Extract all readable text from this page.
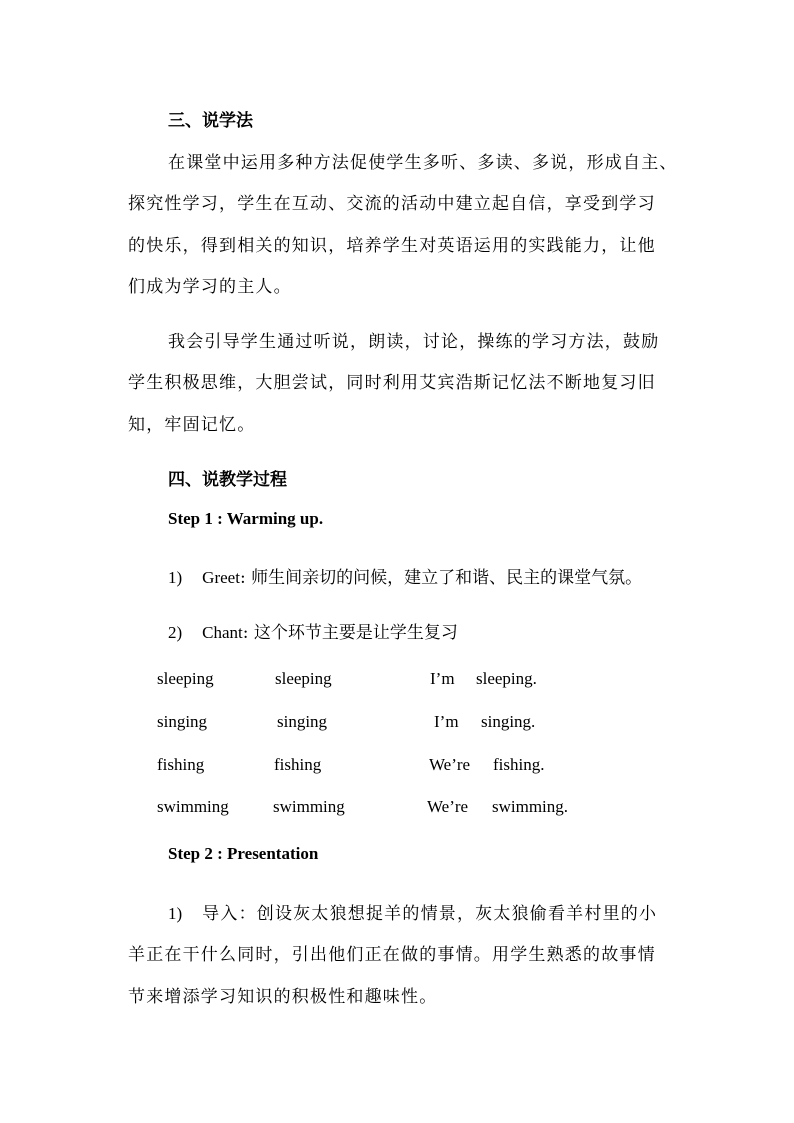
三、说学法
在课堂中运用多种方法促使学生多听、多读、多说，形成自主、
探究性学习，学生在互动、交流的活动中建立起自信，享受到学习
的快乐，得到相关的知识，培养学生对英语运用的实践能力，让他
们成为学习的主人。
我会引导学生通过听说，朗读，讨论，操练的学习方法，鼓励
学生积极思维，大胆尝试，同时利用艾宾浩斯记忆法不断地复习旧
知，牢固记忆。
四、说教学过程
Step 1 : Warming up.
1) Greet: 师生间亲切的问候，建立了和谐、民主的课堂气氛。
2) Chant: 这个环节主要是让学生复习
sleeping	sleeping	I’m sleeping.
singing	singing	I’m singing.
fishing	fishing	We’re fishing.
swimming	swimming	We’re swimming.
Step 2 : Presentation
1) 导入：创设灰太狼想捉羊的情景，灰太狼偷看羊村里的小
羊正在干什么同时，引出他们正在做的事情。用学生熟悉的故事情
节来增添学习知识的积极性和趣味性。
